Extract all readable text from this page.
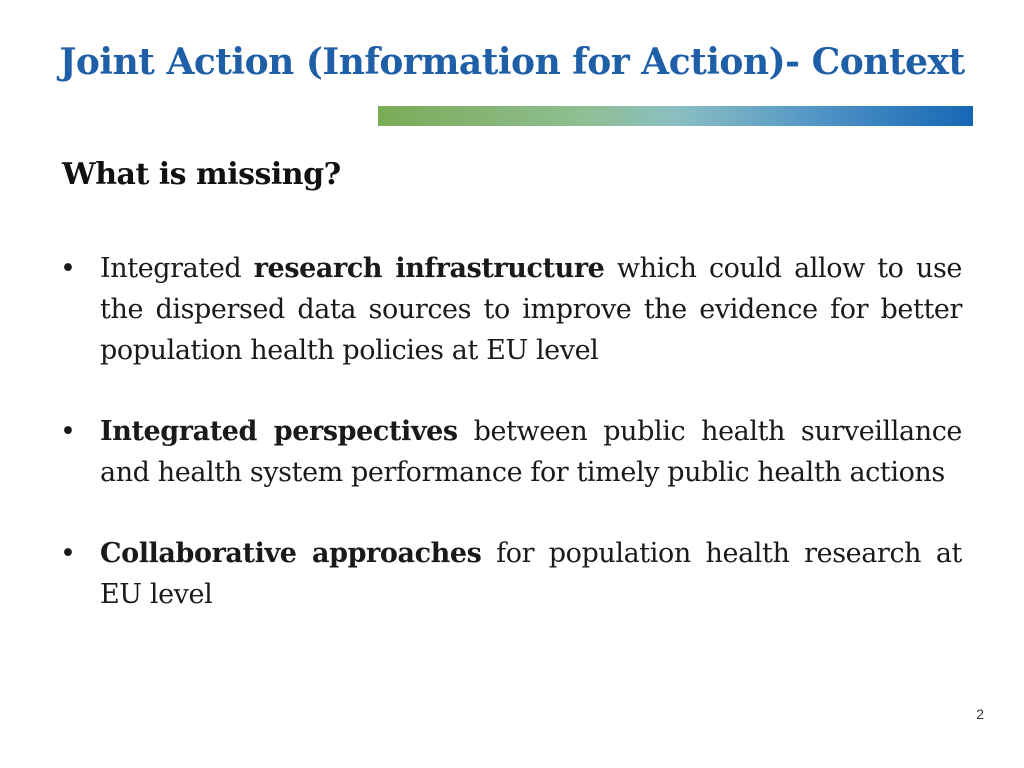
Joint Action (Information for Action)- Context
What is missing?
• Integrated research infrastructure which could allow to use the dispersed data sources to improve the evidence for better population health policies at EU level
• Integrated perspectives between public health surveillance and health system performance for timely public health actions
• Collaborative approaches for population health research at EU level
2
